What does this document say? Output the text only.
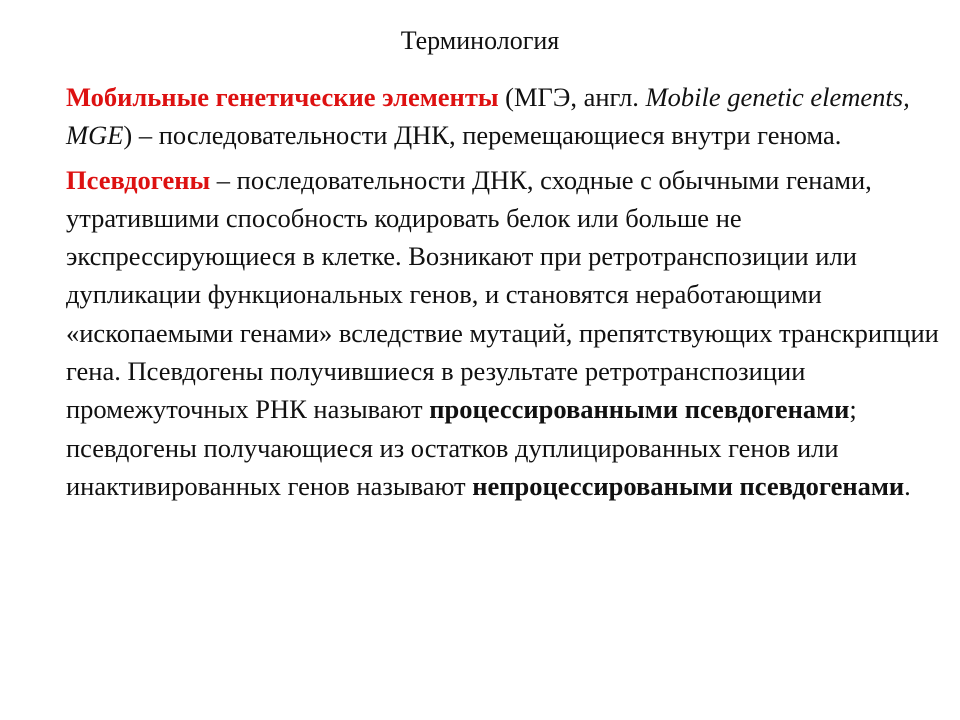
Терминология

Мобильные генетические элементы (МГЭ, англ. Mobile genetic elements, MGE) – последовательности ДНК, перемещающиеся внутри генома.

Псевдогены – последовательности ДНК, сходные с обычными генами, утратившими способность кодировать белок или больше не экспрессирующиеся в клетке. Возникают при ретротранспозиции или дупликации функциональных генов, и становятся неработающими «ископаемыми генами» вследствие мутаций, препятствующих транскрипции гена. Псевдогены получившиеся в результате ретротранспозиции промежуточных РНК называют процессированными псевдогенами; псевдогены получающиеся из остатков дуплицированных генов или инактивированных генов называют непроцессироваными псевдогенами.
